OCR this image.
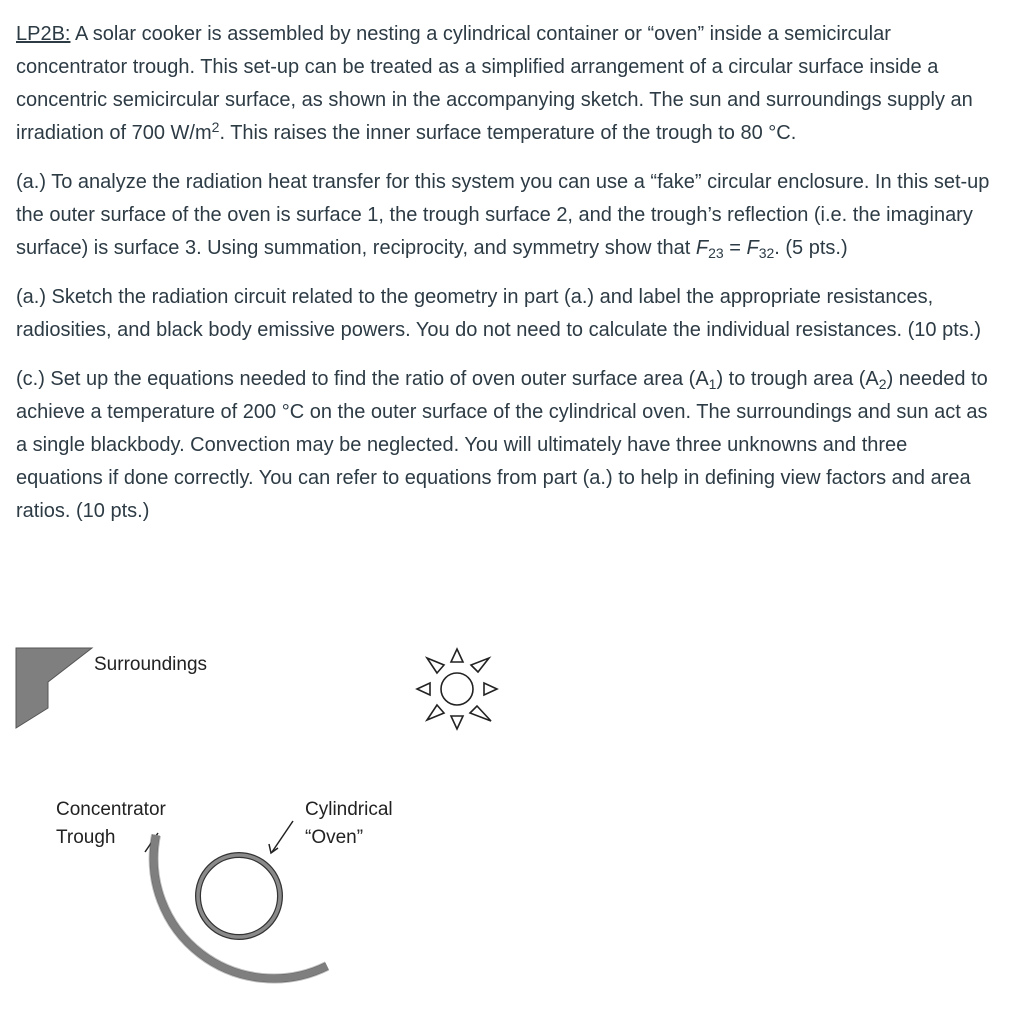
LP2B: A solar cooker is assembled by nesting a cylindrical container or “oven” inside a semicircular concentrator trough. This set-up can be treated as a simplified arrangement of a circular surface inside a concentric semicircular surface, as shown in the accompanying sketch. The sun and surroundings supply an irradiation of 700 $W/m^2$. This raises the inner surface temperature of the trough to 80 °C.

(a.) To analyze the radiation heat transfer for this system you can use a “fake” circular enclosure. In this set-up the outer surface of the oven is surface 1, the trough surface 2, and the trough’s reflection (i.e. the imaginary surface) is surface 3. Using summation, reciprocity, and symmetry show that $F_{23} = F_{32}$. (5 pts.)

(a.) Sketch the radiation circuit related to the geometry in part (a.) and label the appropriate resistances, radiosities, and black body emissive powers. You do not need to calculate the individual resistances. (10 pts.)

(c.) Set up the equations needed to find the ratio of oven outer surface area $(A_1)$ to trough area $(A_2)$ needed to achieve a temperature of 200 °C on the outer surface of the cylindrical oven. The surroundings and sun act as a single blackbody. Convection may be neglected. You will ultimately have three unknowns and three equations if done correctly. You can refer to equations from part (a.) to help in defining view factors and area ratios. (10 pts.)

Surroundings
Concentrator
Trough
Cylindrical
“Oven”
